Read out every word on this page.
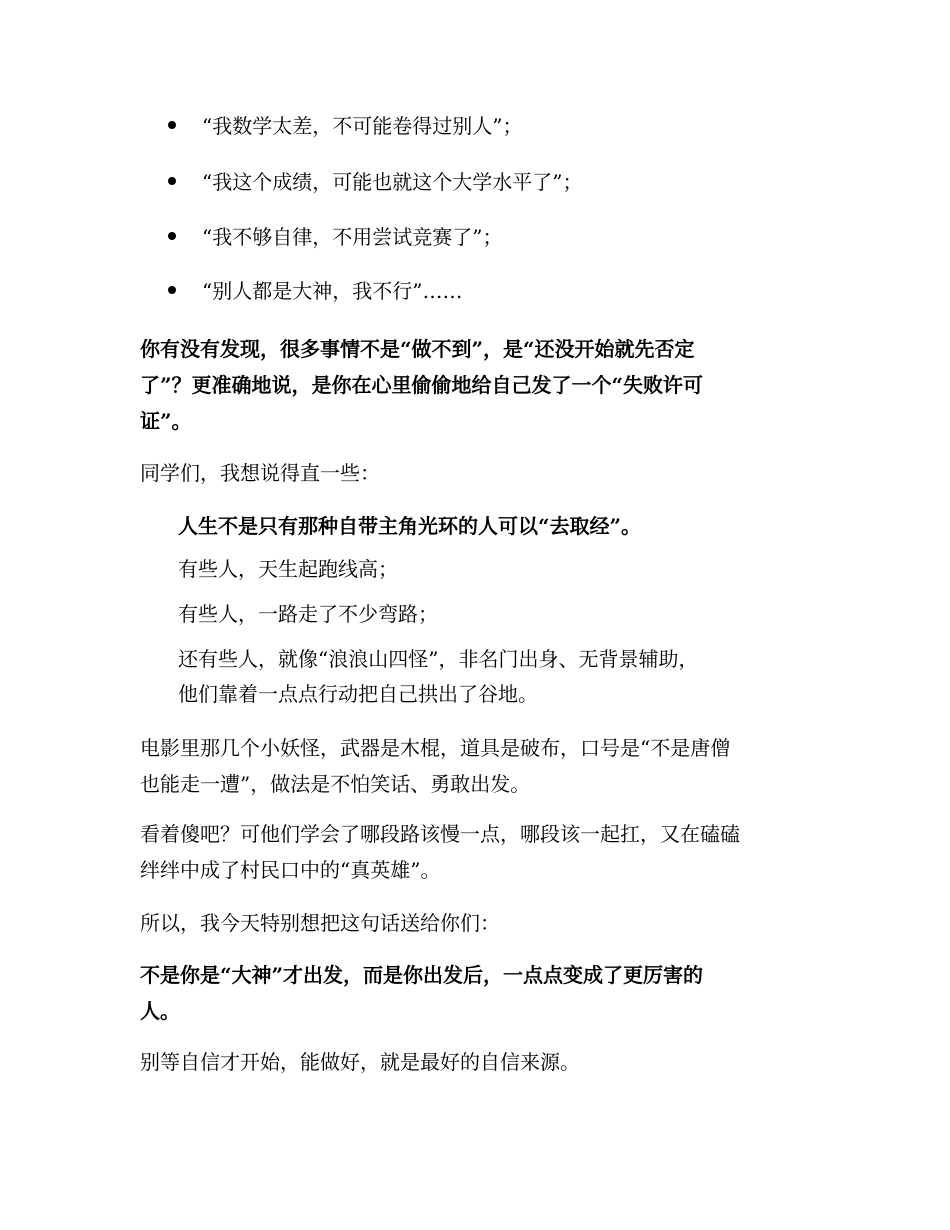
“我数学太差，不可能卷得过别人”；
“我这个成绩，可能也就这个大学水平了”；
“我不够自律，不用尝试竞赛了”；
“别人都是大神，我不行”……
你有没有发现，很多事情不是“做不到”，是“还没开始就先否定
了”？更准确地说，是你在心里偷偷地给自己发了一个“失败许可
证”。
同学们，我想说得直一些：
人生不是只有那种自带主角光环的人可以“去取经”。
有些人，天生起跑线高；
有些人，一路走了不少弯路；
还有些人，就像“浪浪山四怪”，非名门出身、无背景辅助，
他们靠着一点点行动把自己拱出了谷地。
电影里那几个小妖怪，武器是木棍，道具是破布，口号是“不是唐僧
也能走一遭”，做法是不怕笑话、勇敢出发。
看着傻吧？可他们学会了哪段路该慢一点，哪段该一起扛，又在磕磕
绊绊中成了村民口中的“真英雄”。
所以，我今天特别想把这句话送给你们：
不是你是“大神”才出发，而是你出发后，一点点变成了更厉害的
人。
别等自信才开始，能做好，就是最好的自信来源。
